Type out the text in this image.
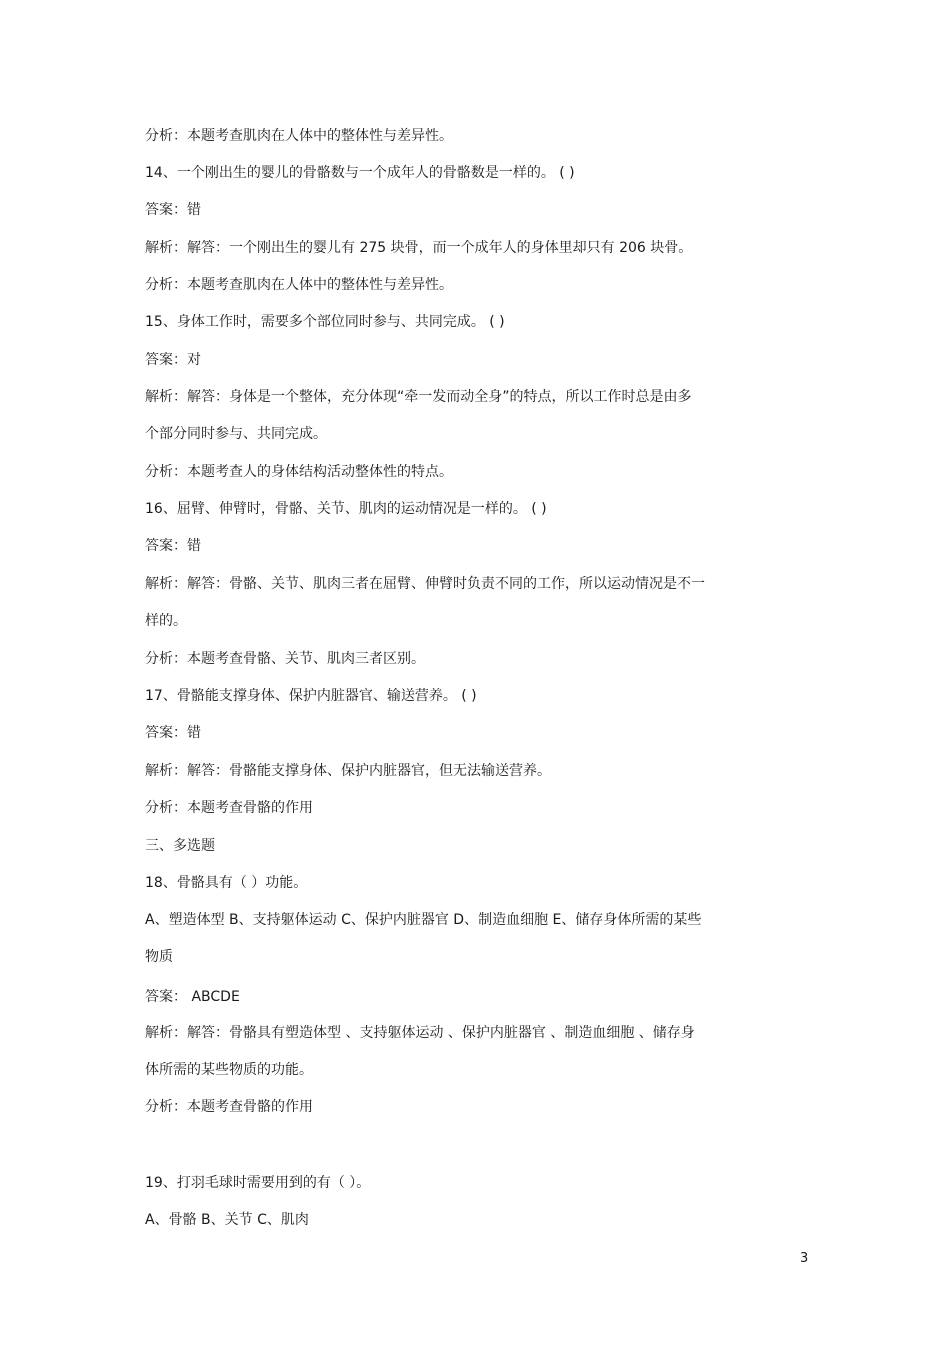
分析：本题考查肌肉在人体中的整体性与差异性。
14、一个刚出生的婴儿的骨骼数与一个成年人的骨骼数是一样的。 ( )
答案：错
解析：解答：一个刚出生的婴儿有 275 块骨，而一个成年人的身体里却只有 206 块骨。
分析：本题考查肌肉在人体中的整体性与差异性。
15、身体工作时，需要多个部位同时参与、共同完成。 ( )
答案：对
解析：解答：身体是一个整体，充分体现“牵一发而动全身”的特点，所以工作时总是由多
个部分同时参与、共同完成。
分析：本题考查人的身体结构活动整体性的特点。
16、屈臂、伸臂时，骨骼、关节、肌肉的运动情况是一样的。 ( )
答案：错
解析：解答：骨骼、关节、肌肉三者在屈臂、伸臂时负责不同的工作，所以运动情况是不一
样的。
分析：本题考查骨骼、关节、肌肉三者区别。
17、骨骼能支撑身体、保护内脏器官、输送营养。 ( )
答案：错
解析：解答：骨骼能支撑身体、保护内脏器官，但无法输送营养。
分析：本题考查骨骼的作用
三、多选题
18、骨骼具有（ ）功能。
A、塑造体型 B、支持躯体运动 C、保护内脏器官 D、制造血细胞 E、储存身体所需的某些
物质
答案： ABCDE
解析：解答：骨骼具有塑造体型 、支持躯体运动 、保护内脏器官 、制造血细胞 、储存身
体所需的某些物质的功能。
分析：本题考查骨骼的作用
19、打羽毛球时需要用到的有（ ）。
A、骨骼 B、关节 C、肌肉
3
